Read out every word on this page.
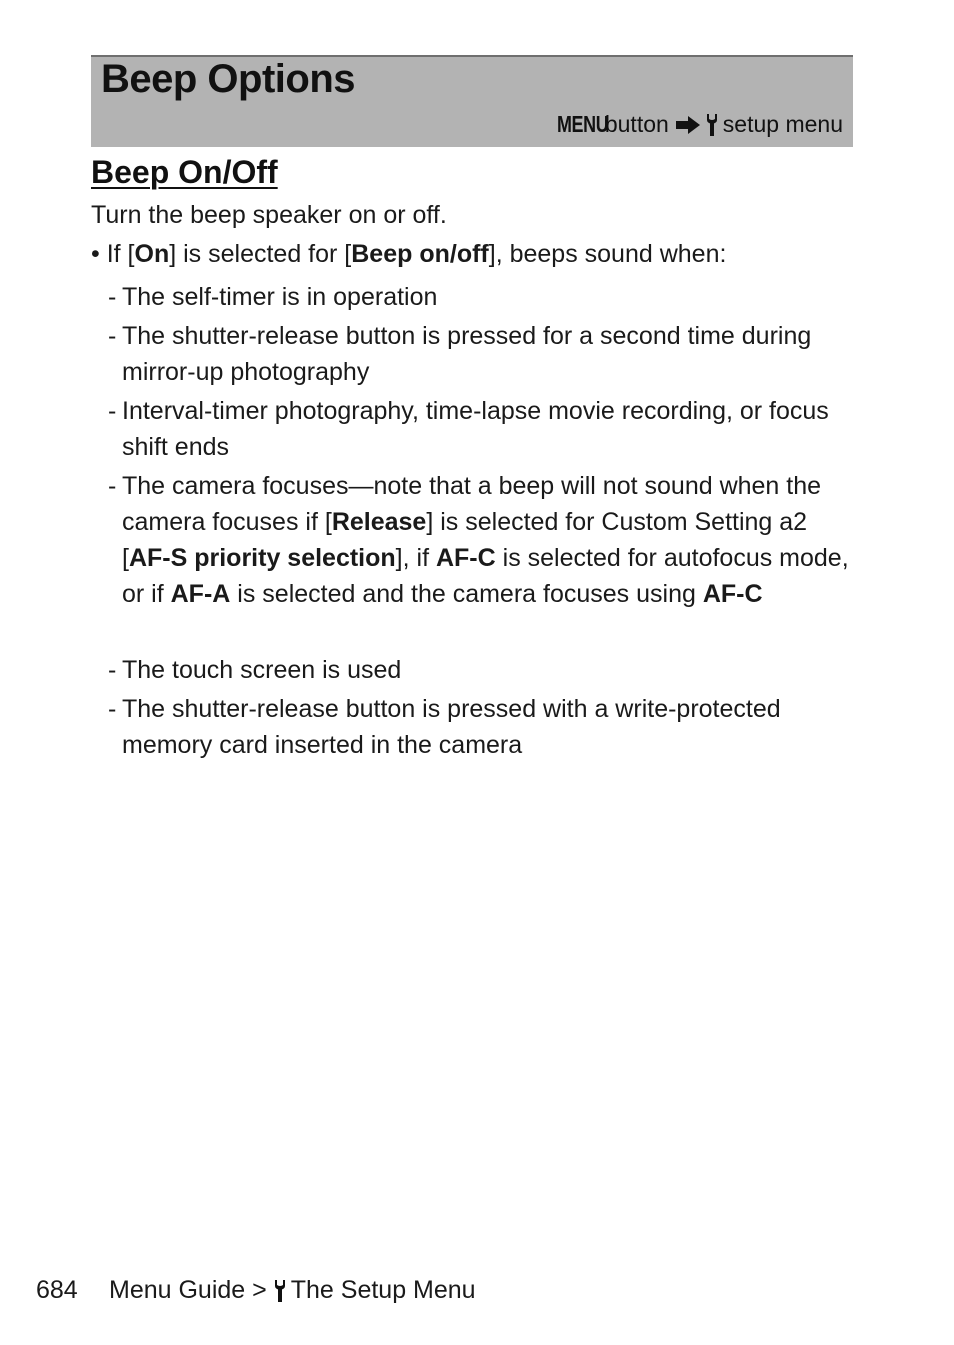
Beep Options
MENU
button setup menu
Beep On/Off

Turn the beep speaker on or off.

• If [On] is selected for [Beep on/off], beeps sound when:

- The self-timer is in operation
- The shutter-release button is pressed for a second time during mirror-up photography
- Interval-timer photography, time-lapse movie recording, or focus shift ends
- The camera focuses—note that a beep will not sound when the camera focuses if [Release] is selected for Custom Setting a2 [AF-S priority selection], if AF-C is selected for autofocus mode, or if AF-A is selected and the camera focuses using AF-C
- The touch screen is used
- The shutter-release button is pressed with a write-protected memory card inserted in the camera
684	Menu Guide > The Setup Menu
